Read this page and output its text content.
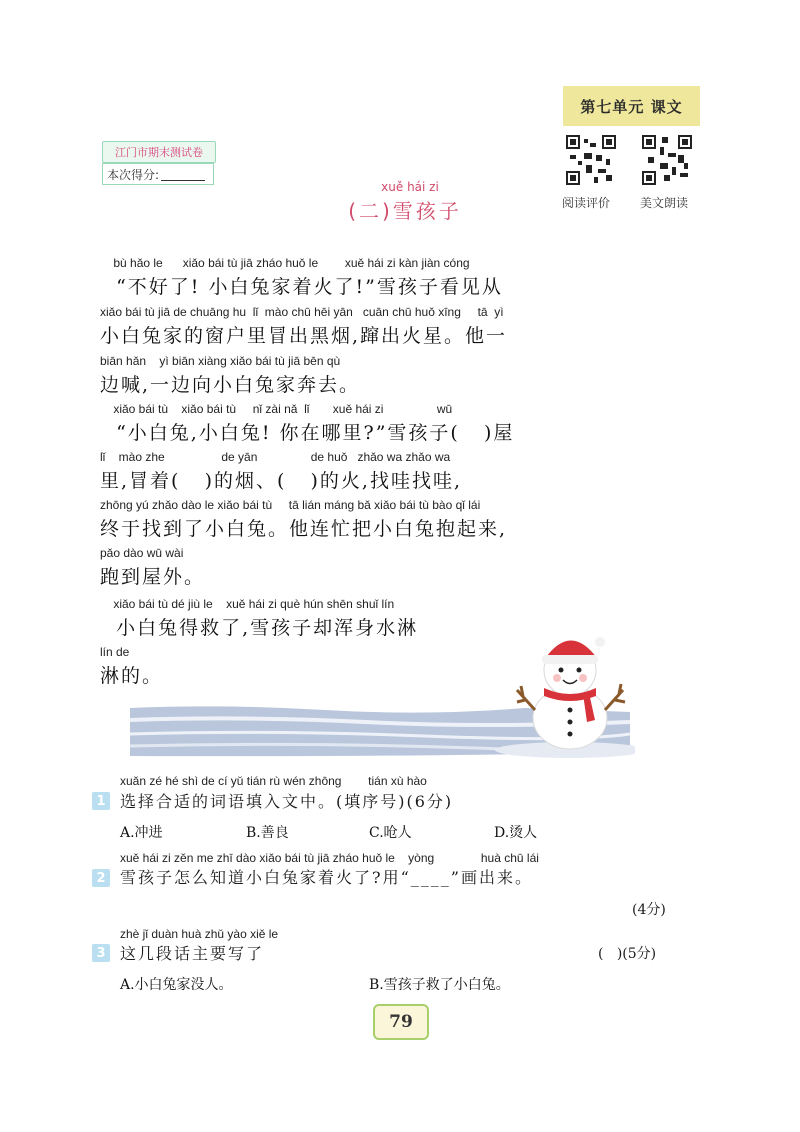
第七单元 课文
阅读评价 美文朗读
江门市期末测试卷
本次得分:
xuě hái zi
(二)雪孩子
bù hǎo le      xiǎo bái tù jiā zháo huǒ le        xuě hái zi kàn jiàn cóng
“不好了! 小白兔家着火了!”雪孩子看见从
xiǎo bái tù jiā de chuāng hu  lǐ  mào chū hēi yān   cuān chū huǒ xīng     tā  yì
小白兔家的窗户里冒出黑烟,蹿出火星。他一
biān hǎn    yì biān xiàng xiǎo bái tù jiā bēn qù
边喊,一边向小白兔家奔去。
xiǎo bái tù    xiǎo bái tù     nǐ zài nǎ  lǐ       xuě hái zi                wū
“小白兔,小白兔! 你在哪里?”雪孩子(   )屋
lǐ    mào zhe                 de yān                de huǒ   zhǎo wa zhǎo wa
里,冒着(   )的烟、(   )的火,找哇找哇,
zhōng yú zhǎo dào le xiǎo bái tù     tā lián máng bǎ xiǎo bái tù bào qǐ lái
终于找到了小白兔。他连忙把小白兔抱起来,
pǎo dào wū wài
跑到屋外。
xiǎo bái tù dé jiù le    xuě hái zi què hún shēn shuǐ lín
小白兔得救了,雪孩子却浑身水淋
lín de
淋的。
xuǎn zé hé shì de cí yǔ tián rù wén zhōng        tián xù hào
1 选择合适的词语填入文中。(填序号)(6分)
A.冲进	B.善良	C.呛人	D.烫人
xuě hái zi zěn me zhī dào xiǎo bái tù jiā zháo huǒ le    yòng              huà chū lái
2 雪孩子怎么知道小白兔家着火了?用“____”画出来。
(4分)
zhè jǐ duàn huà zhǔ yào xiě le
3 这几段话主要写了	(   )(5分)
A.小白兔家没人。	B.雪孩子救了小白兔。
79
